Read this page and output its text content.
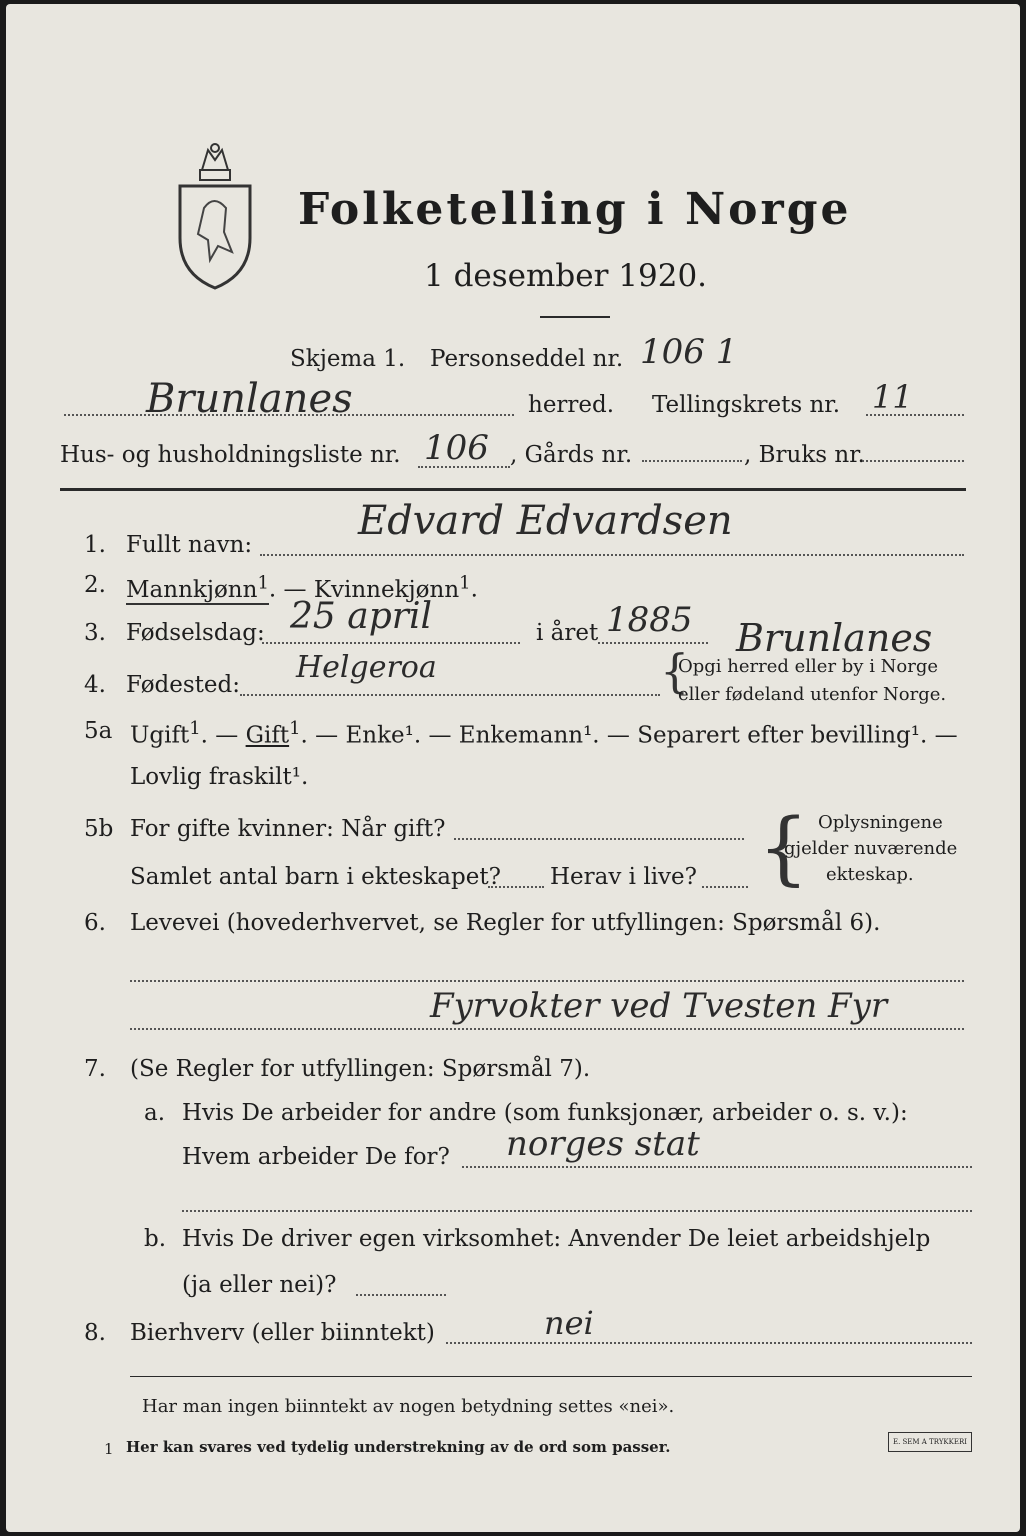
Folketelling i Norge
1 desember 1920.
Skjema 1. Personseddel nr. 106 1
Brunlanes	herred. Tellingskrets nr. 11
Hus- og husholdningsliste nr. 106 , Gårds nr.	, Bruks nr.
1. Fullt navn:
Edvard Edvardsen
2. Mannkjønn$^1$. — Kvinnekjønn$^1$.
3. Fødselsdag: 25 april	i året 1885 Brunlanes
4. Fødested: Helgeroa	{
Opgi herred eller by i Norge
eller fødeland utenfor Norge.
5a Ugift$^1$. — Gift$^1$. — Enke¹. — Enkemann¹. — Separert efter bevilling¹. —
Lovlig fraskilt¹.
5b For gifte kvinner: Når gift?
Samlet antal barn i ekteskapet? Herav i live? { Oplysningene
gjelder nuværende
ekteskap.
6. Levevei (hovederhvervet, se Regler for utfyllingen: Spørsmål 6).
Fyrvokter ved Tvesten Fyr
7. (Se Regler for utfyllingen: Spørsmål 7).
a. Hvis De arbeider for andre (som funksjonær, arbeider o. s. v.):
Hvem arbeider De for? norges stat
b. Hvis De driver egen virksomhet: Anvender De leiet arbeidshjelp
(ja eller nei)?
8. Bierhverv (eller biinntekt)	nei
Har man ingen biinntekt av nogen betydning settes «nei».
1 Her kan svares ved tydelig understrekning av de ord som passer.	E. SEM A TRYKKERI
